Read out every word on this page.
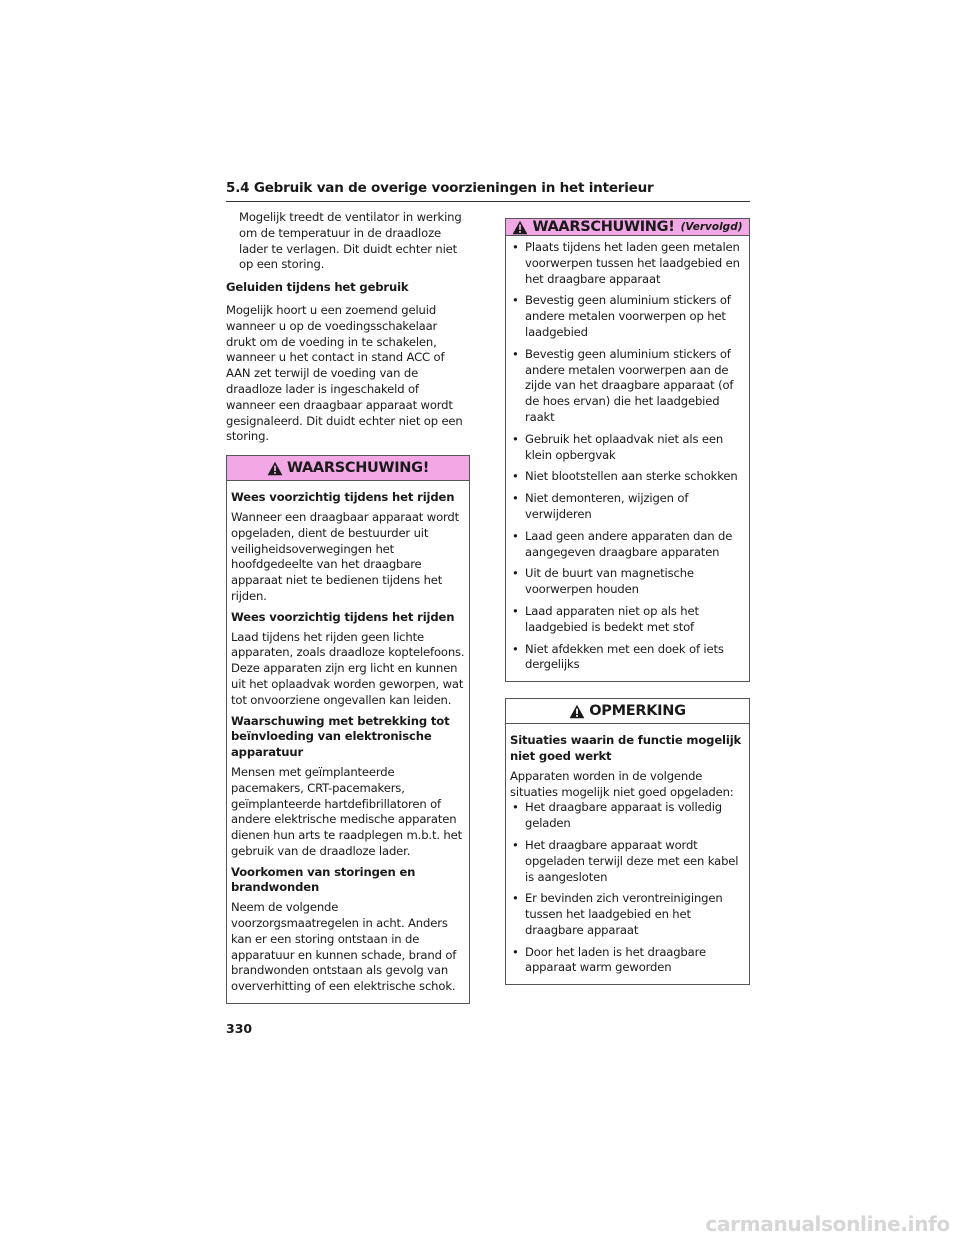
5.4 Gebruik van de overige voorzieningen in het interieur
Mogelijk treedt de ventilator in werking om de temperatuur in de draadloze lader te verlagen. Dit duidt echter niet op een storing.
Geluiden tijdens het gebruik
Mogelijk hoort u een zoemend geluid wanneer u op de voedingsschakelaar drukt om de voeding in te schakelen, wanneer u het contact in stand ACC of AAN zet terwijl de voeding van de draadloze lader is ingeschakeld of wanneer een draagbaar apparaat wordt gesignaleerd. Dit duidt echter niet op een storing.
WAARSCHUWING!
Wees voorzichtig tijdens het rijden
Wanneer een draagbaar apparaat wordt opgeladen, dient de bestuurder uit veiligheidsoverwegingen het hoofdgedeelte van het draagbare apparaat niet te bedienen tijdens het rijden.
Wees voorzichtig tijdens het rijden
Laad tijdens het rijden geen lichte apparaten, zoals draadloze koptelefoons. Deze apparaten zijn erg licht en kunnen uit het oplaadvak worden geworpen, wat tot onvoorziene ongevallen kan leiden.
Waarschuwing met betrekking tot beïnvloeding van elektronische apparatuur
Mensen met geïmplanteerde pacemakers, CRT-pacemakers, geïmplanteerde hartdefibrillatoren of andere elektrische medische apparaten dienen hun arts te raadplegen m.b.t. het gebruik van de draadloze lader.
Voorkomen van storingen en brandwonden
Neem de volgende voorzorgsmaatregelen in acht. Anders kan er een storing ontstaan in de apparatuur en kunnen schade, brand of brandwonden ontstaan als gevolg van oververhitting of een elektrische schok.
WAARSCHUWING! (Vervolgd)
• Plaats tijdens het laden geen metalen voorwerpen tussen het laadgebied en het draagbare apparaat
• Bevestig geen aluminium stickers of andere metalen voorwerpen op het laadgebied
• Bevestig geen aluminium stickers of andere metalen voorwerpen aan de zijde van het draagbare apparaat (of de hoes ervan) die het laadgebied raakt
• Gebruik het oplaadvak niet als een klein opbergvak
• Niet blootstellen aan sterke schokken
• Niet demonteren, wijzigen of verwijderen
• Laad geen andere apparaten dan de aangegeven draagbare apparaten
• Uit de buurt van magnetische voorwerpen houden
• Laad apparaten niet op als het laadgebied is bedekt met stof
• Niet afdekken met een doek of iets dergelijks
OPMERKING
Situaties waarin de functie mogelijk niet goed werkt
Apparaten worden in de volgende situaties mogelijk niet goed opgeladen:
• Het draagbare apparaat is volledig geladen
• Het draagbare apparaat wordt opgeladen terwijl deze met een kabel is aangesloten
• Er bevinden zich verontreinigingen tussen het laadgebied en het draagbare apparaat
• Door het laden is het draagbare apparaat warm geworden
330
carmanualsonline.info
